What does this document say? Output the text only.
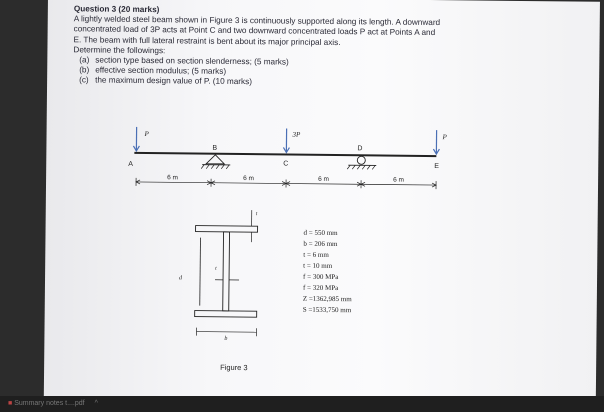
Question 3 (20 marks)
A lightly welded steel beam shown in Figure 3 is continuously supported along its length. A downward
concentrated load of 3P acts at Point C and two downward concentrated loads P act at Points A and
E. The beam with full lateral restraint is bent about its major principal axis.
Determine the followings:
(a) section type based on section slenderness; (5 marks)
(b) effective section modulus; (5 marks)
(c) the maximum design value of P. (10 marks)
P	3P	P
A
B
C
D
E
6 m	6 m	6 m	6 m
t
t
d
b
d = 550 mm
b = 206 mm
t = 6 mm
t = 10 mm
f = 300 MPa
f = 320 MPa
Z =1362,985 mm
S =1533,750 mm
Figure 3
■ Summary notes t....pdf ^
